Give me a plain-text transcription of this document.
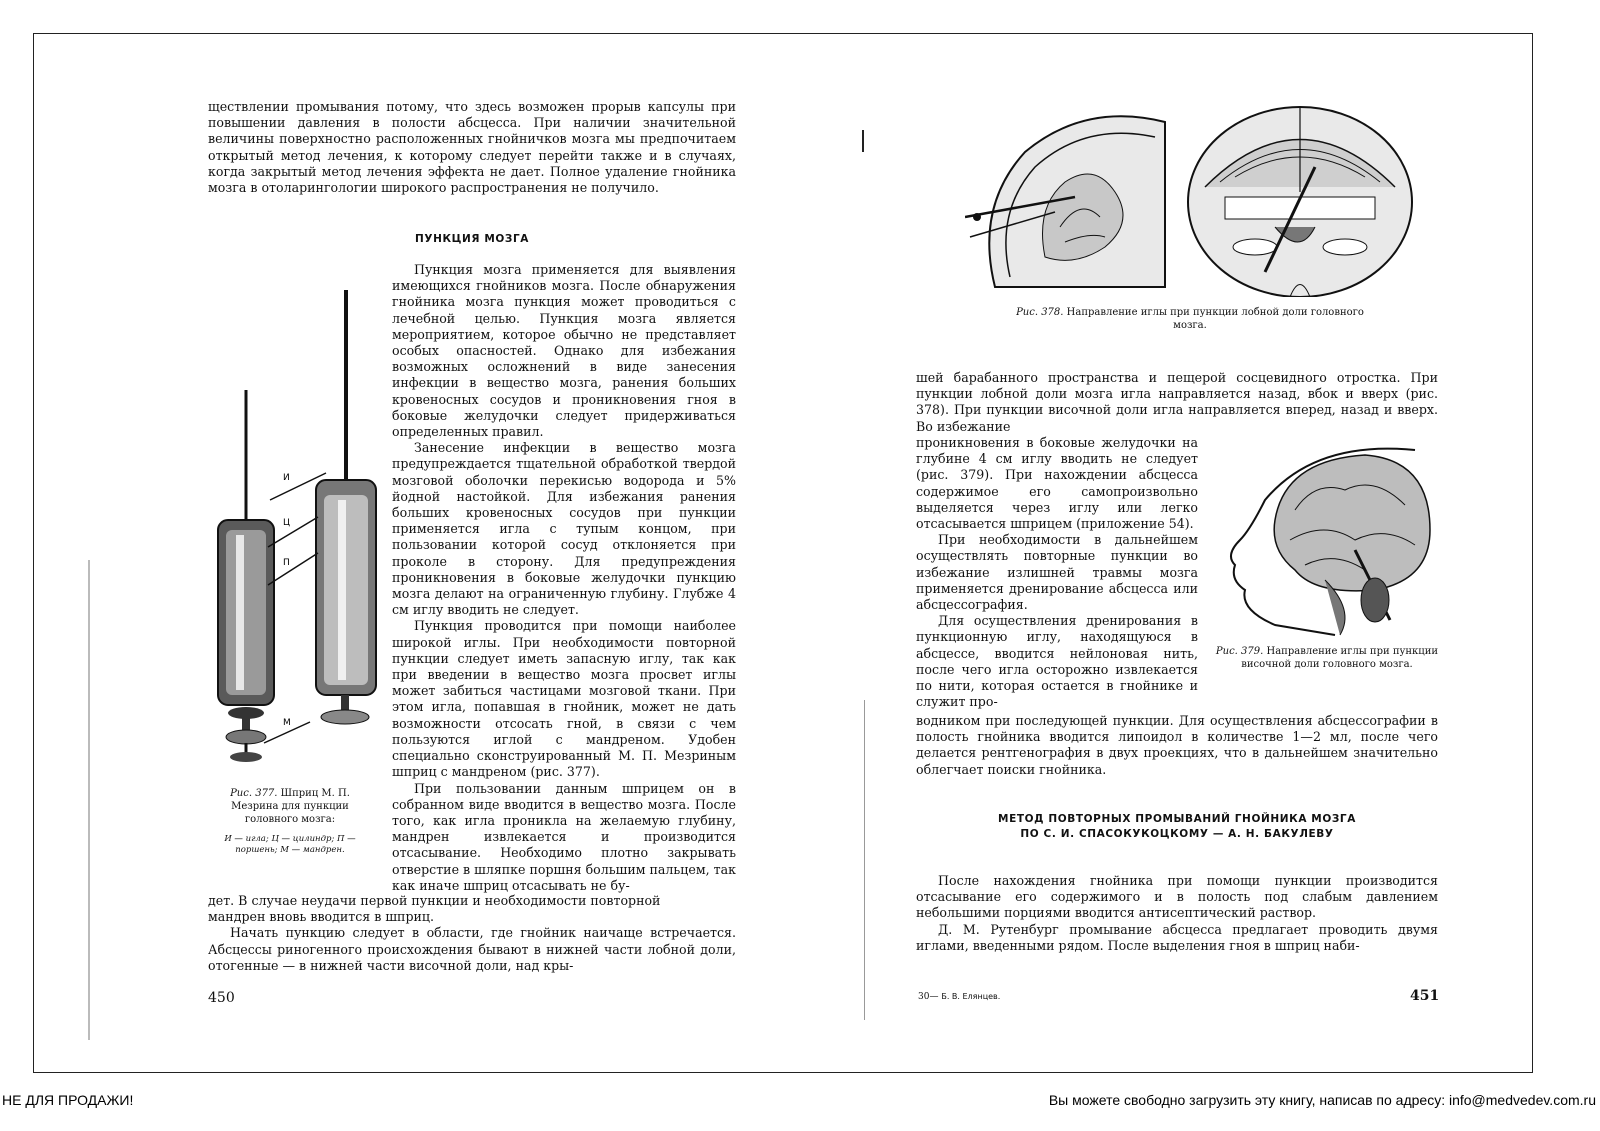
ществлении промывания потому, что здесь возможен прорыв капсулы при повышении давления в полости абсцесса. При наличии значительной величины поверхностно расположенных гнойничков мозга мы предпочитаем открытый метод лечения, к которому следует перейти также и в случаях, когда закрытый метод лечения эффекта не дает. Полное удаление гнойника мозга в отоларингологии широкого распространения не получило.

ПУНКЦИЯ МОЗГА
И
Ц
П
М
Рис. 377. Шприц М. П. Мезрина для пункции головного мозга:
И — игла; Ц — цилиндр; П — поршень; М — мандрен.

Пункция мозга применяется для выявления имеющихся гнойников мозга. После обнаружения гнойника мозга пункция может проводиться с лечебной целью. Пункция мозга является мероприятием, которое обычно не представляет особых опасностей. Однако для избежания возможных осложнений в виде занесения инфекции в вещество мозга, ранения больших кровеносных сосудов и проникновения гноя в боковые желудочки следует придерживаться определенных правил.

Занесение инфекции в вещество мозга предупреждается тщательной обработкой твердой мозговой оболочки перекисью водорода и 5% йодной настойкой. Для избежания ранения больших кровеносных сосудов при пункции применяется игла с тупым концом, при пользовании которой сосуд отклоняется при проколе в сторону. Для предупреждения проникновения в боковые желудочки пункцию мозга делают на ограниченную глубину. Глубже 4 см иглу вводить не следует.

Пункция проводится при помощи наиболее широкой иглы. При необходимости повторной пункции следует иметь запасную иглу, так как при введении в вещество мозга просвет иглы может забиться частицами мозговой ткани. При этом игла, попавшая в гнойник, может не дать возможности отсосать гной, в связи с чем пользуются иглой с мандреном. Удобен специально сконструированный М. П. Мезриным шприц с мандреном (рис. 377).

При пользовании данным шприцем он в собранном виде вводится в вещество мозга. После того, как игла проникла на желаемую глубину, мандрен извлекается и производится отсасывание. Необходимо плотно закрывать отверстие в шляпке поршня большим пальцем, так как иначе шприц отсасывать не бу-

дет. В случае неудачи первой пункции и необходимости повторной

мандрен вновь вводится в шприц.

Начать пункцию следует в области, где гнойник наичаще встречается. Абсцессы риногенного происхождения бывают в нижней части лобной доли, отогенные — в нижней части височной доли, над кры-

450
Рис. 378. Направление иглы при пункции лобной доли головного мозга.

шей барабанного пространства и пещерой сосцевидного отростка. При пункции лобной доли мозга игла направляется назад, вбок и вверх (рис. 378). При пункции височной доли игла направляется вперед, назад и вверх. Во избежание

проникновения в боковые желудочки на глубине 4 см иглу вводить не следует (рис. 379). При нахождении абсцесса содержимое его самопроизвольно выделяется через иглу или легко отсасывается шприцем (приложение 54).

При необходимости в дальнейшем осуществлять повторные пункции во избежание излишней травмы мозга применяется дренирование абсцесса или абсцессография.

Для осуществления дренирования в пункционную иглу, находящуюся в абсцессе, вводится нейлоновая нить, после чего игла осторожно извлекается по нити, которая остается в гнойнике и служит про-

Рис. 379. Направление иглы при пункции височной доли головного мозга.

водником при последующей пункции. Для осуществления абсцессографии в полость гнойника вводится липоидол в количестве 1—2 мл, после чего делается рентгенография в двух проекциях, что в дальнейшем значительно облегчает поиски гнойника.

МЕТОД ПОВТОРНЫХ ПРОМЫВАНИЙ ГНОЙНИКА МОЗГА
ПО С. И. СПАСОКУКОЦКОМУ — А. Н. БАКУЛЕВУ

После нахождения гнойника при помощи пункции производится отсасывание его содержимого и в полость под слабым давлением небольшими порциями вводится антисептический раствор.

Д. М. Рутенбург промывание абсцесса предлагает проводить двумя иглами, введенными рядом. После выделения гноя в шприц наби-

30— Б. В. Елянцев.	451
НЕ ДЛЯ ПРОДАЖИ!	Вы можете свободно загрузить эту книгу, написав по адресу: info@medvedev.com.ru
